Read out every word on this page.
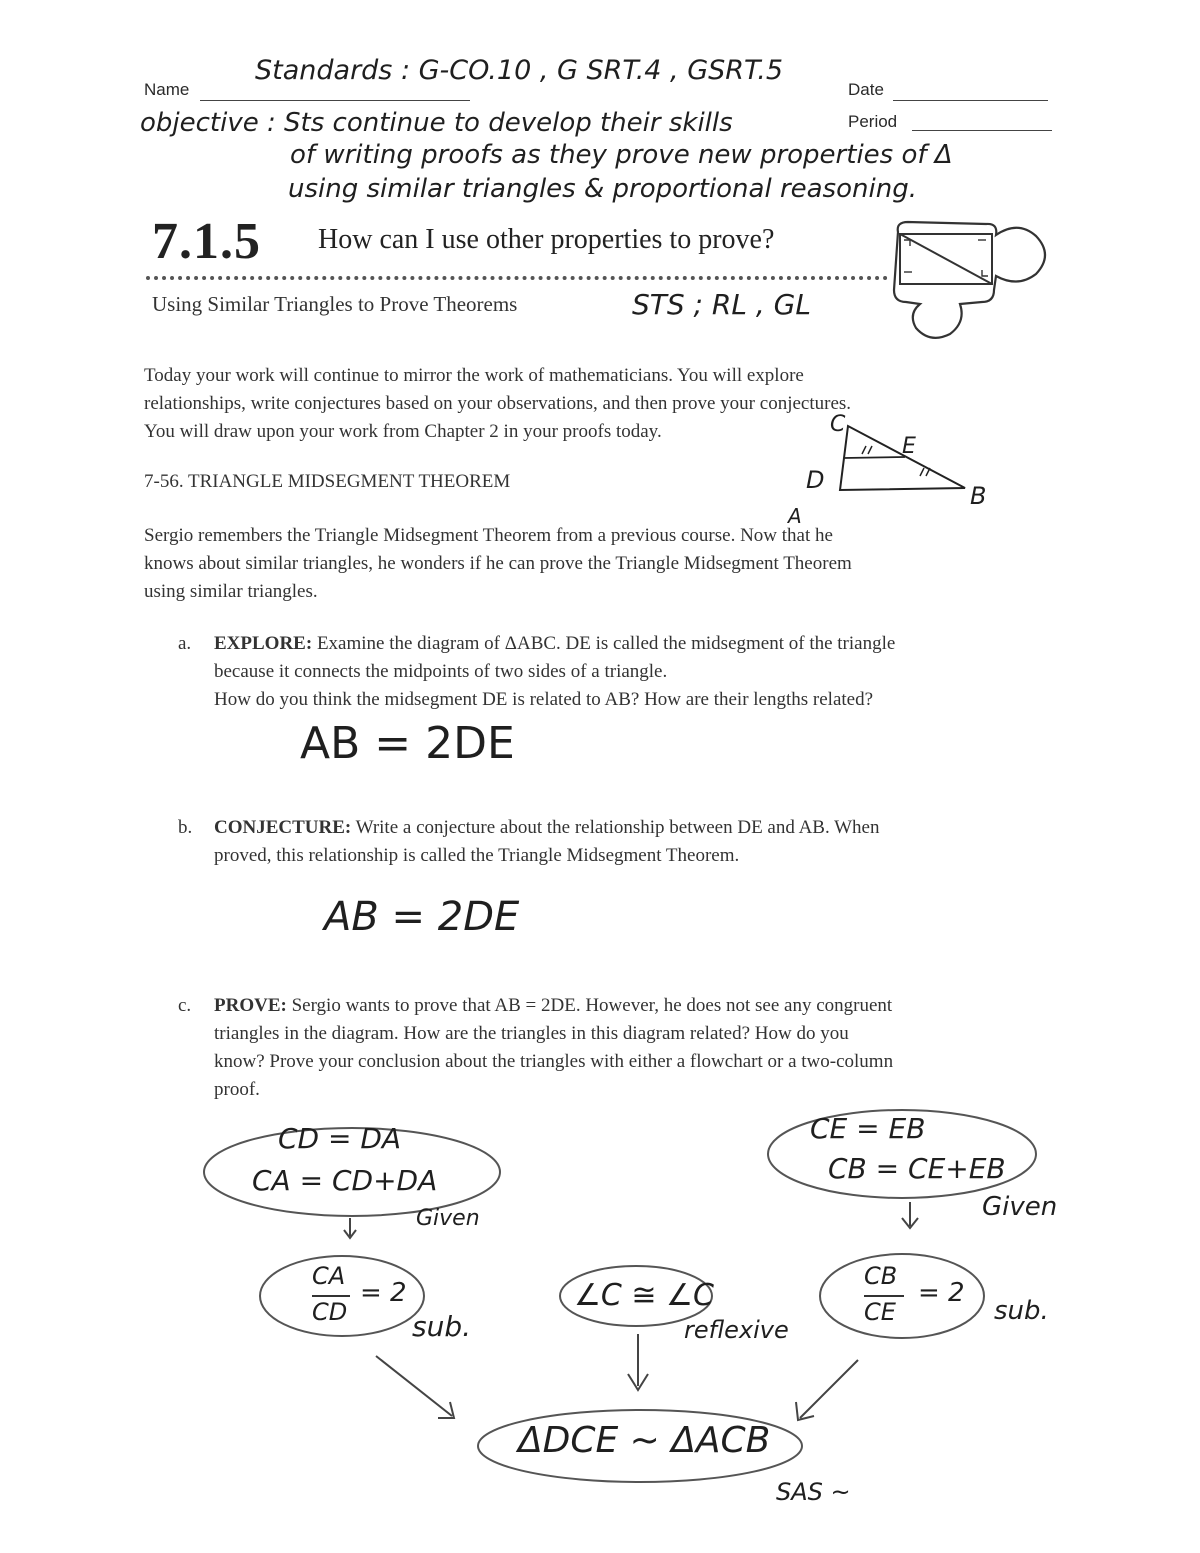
Name	Date
Period
Standards : G-CO.10 , G SRT.4 , GSRT.5
objective : Sts continue to develop their skills
of writing proofs as they prove new properties of Δ
using similar triangles & proportional reasoning.
7.1.5 How can I use other properties to prove?
Using Similar Triangles to Prove Theorems	STS ; RL , GL
Today your work will continue to mirror the work of mathematicians. You will explore
relationships, write conjectures based on your observations, and then prove your conjectures.
You will draw upon your work from Chapter 2 in your proofs today.
7-56. TRIANGLE MIDSEGMENT THEOREM
C
E
D
B
A
Sergio remembers the Triangle Midsegment Theorem from a previous course. Now that he
knows about similar triangles, he wonders if he can prove the Triangle Midsegment Theorem
using similar triangles.
a. EXPLORE: Examine the diagram of ΔABC. DE is called the midsegment of the triangle
because it connects the midpoints of two sides of a triangle.
How do you think the midsegment DE is related to AB? How are their lengths related?
AB = 2DE
b. CONJECTURE: Write a conjecture about the relationship between DE and AB. When
proved, this relationship is called the Triangle Midsegment Theorem.
AB = 2DE
c. PROVE: Sergio wants to prove that AB = 2DE. However, he does not see any congruent
triangles in the diagram. How are the triangles in this diagram related? How do you
know? Prove your conclusion about the triangles with either a flowchart or a two-column
proof.
CD = DA
CA = CD+DA
Given
CE = EB
CB = CE+EB
Given
CA
CD
= 2
sub.
∠C ≅ ∠C
reflexive
CB
CE
= 2
sub.
ΔDCE ~ ΔACB
SAS ~
